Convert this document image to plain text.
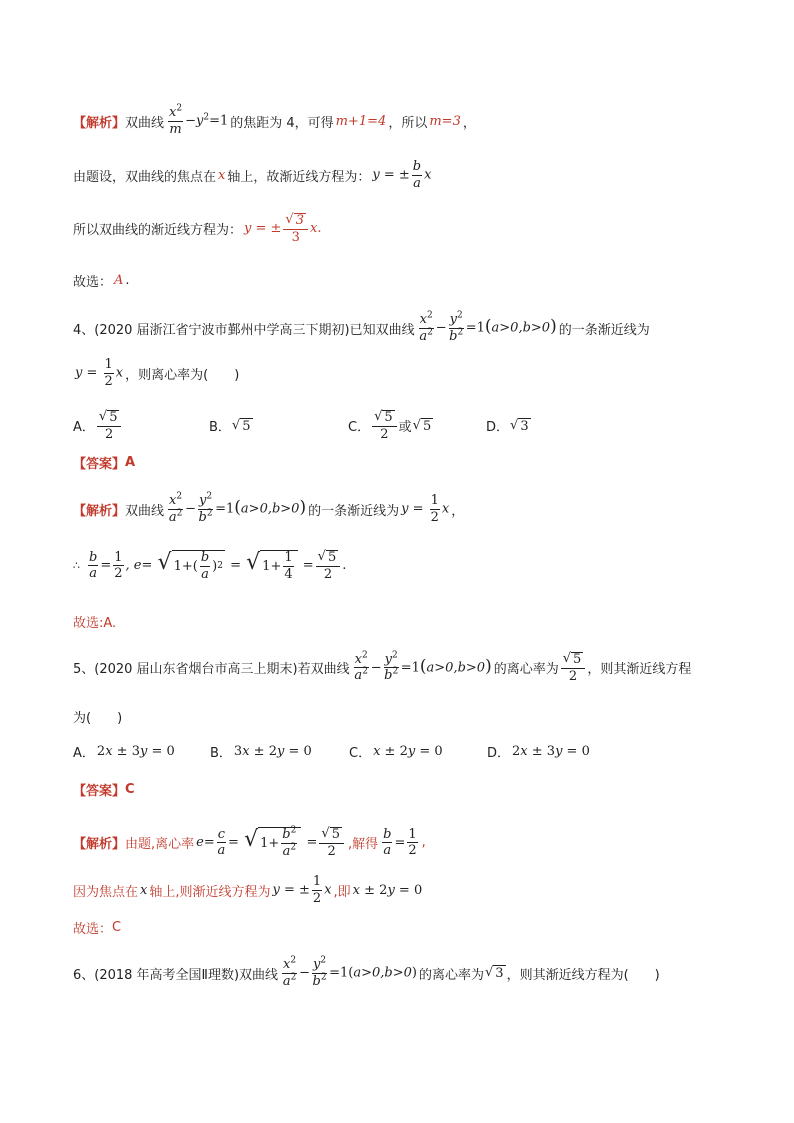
【解析】 双曲线 $\frac{x^2}{m} -y^2=1$ 的焦距为 4，可得 m+1=4 ，所以 m=3 ，
由题设，双曲线的焦点在 x 轴上，故渐近线方程为： y = ± $\frac{b}{a}$ x
所以双曲线的渐近线方程为： y = ± $\frac{√ 3}{3} x$.
故选： A .
4、(2020 届浙江省宁波市鄞州中学高三下期初)已知双曲线 $\frac{x^2}{a^2} - \frac{y^2}{b^2} =1(a>0,b>0)$ 的一条渐近线为
$y = \frac{1}{2}$ x ，则离心率为(　　)
A． $\frac{√ 5}{2}$	B． √ 5	C． $\frac{√ 5}{2}$ 或 √ 5	D． √ 3
【答案】 A
【解析】 双曲线 $\frac{x^2}{a^2} - \frac{y^2}{b^2} =1(a>0,b>0)$ 的一条渐近线为 $y = \frac{1}{2}$ x ，
∴ $\frac{b}{a} = \frac{1}{2}$ , e= √ $1+( \frac{b}{a}$ ) 2 = √ $1+ \frac{1}{4} = \frac{√ 5}{2}$ .
故选:A.
5、(2020 届山东省烟台市高三上期末)若双曲线 $\frac{x^2}{a^2} - \frac{y^2}{b^2} =1(a>0,b>0)$ 的离心率为 $\frac{√ 5}{2}$ ，则其渐近线方程
为(　　)
A． 2x ± 3y = 0	B． 3x ± 2y = 0	C． x ± 2y = 0	D． 2x ± 3y = 0
【答案】 C
【解析】 由题,离心率 $e= \frac{c}{a}$ = √ $1+ \frac{b^2}{a^2} = \frac{√ 5}{2}$ ,解得 $\frac{b}{a} = \frac{1}{2}$ ,
因为焦点在 x 轴上,则渐近线方程为 y = ± $\frac{1}{2}$ x ,即 x ± 2y = 0
故选： C
6、(2018 年高考全国Ⅱ理数)双曲线 $\frac{x^2}{a^2} - \frac{y^2}{b^2} =1(a>0,b>0)$ 的离心率为 √ 3 ，则其渐近线方程为(　　)
